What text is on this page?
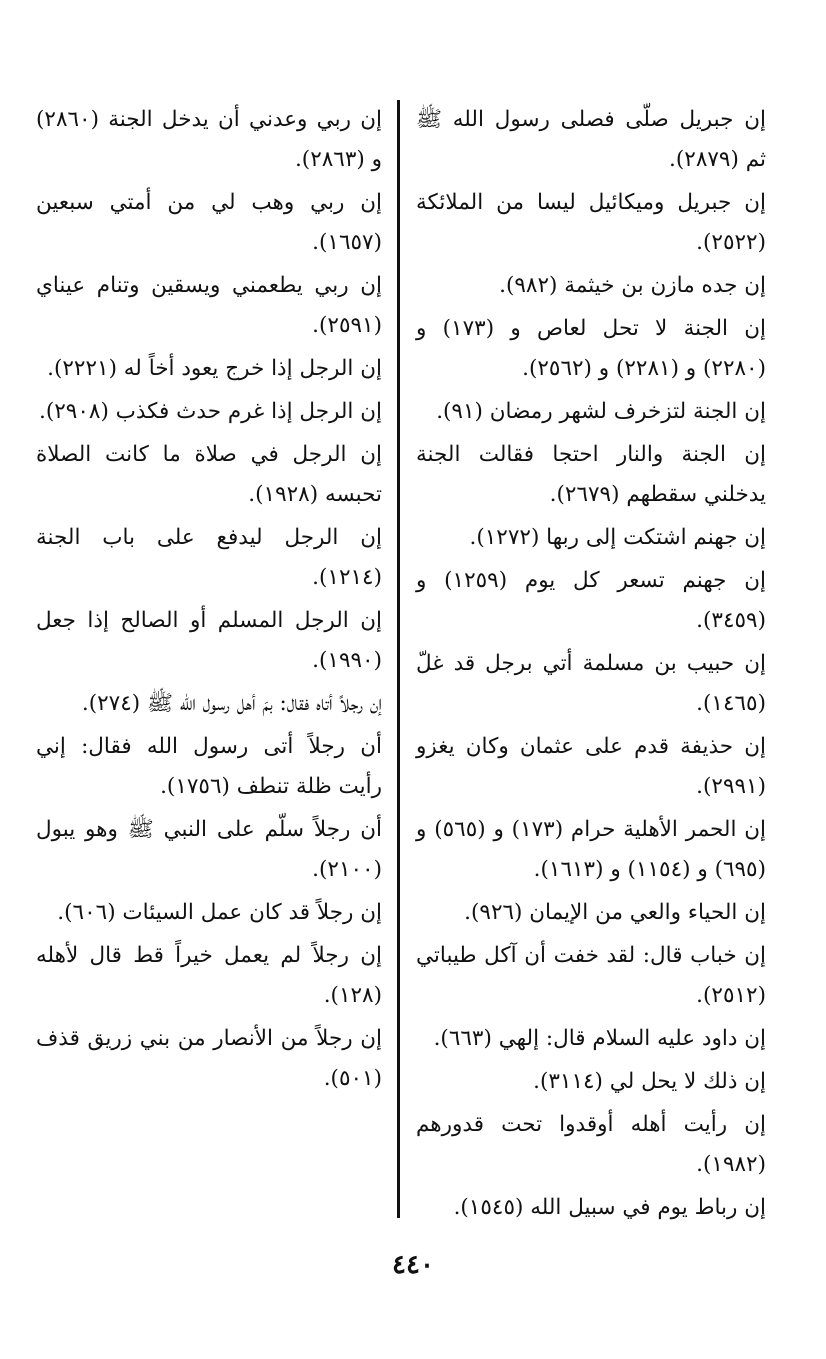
إن جبريل صلّى فصلى رسول الله ﷺ ثم (٢٨٧٩).

إن جبريل وميكائيل ليسا من الملائكة (٢٥٢٢).

إن جده مازن بن خيثمة (٩٨٢).

إن الجنة لا تحل لعاص و (١٧٣) و (٢٢٨٠) و (٢٢٨١) و (٢٥٦٢).

إن الجنة لتزخرف لشهر رمضان (٩١).

إن الجنة والنار احتجا فقالت الجنة يدخلني سقطهم (٢٦٧٩).

إن جهنم اشتكت إلى ربها (١٢٧٢).

إن جهنم تسعر كل يوم (١٢٥٩) و (٣٤٥٩).

إن حبيب بن مسلمة أتي برجل قد غلّ (١٤٦٥).

إن حذيفة قدم على عثمان وكان يغزو (٢٩٩١).

إن الحمر الأهلية حرام (١٧٣) و (٥٦٥) و (٦٩٥) و (١١٥٤) و (١٦١٣).

إن الحياء والعي من الإيمان (٩٢٦).

إن خباب قال: لقد خفت أن آكل طيباتي (٢٥١٢).

إن داود عليه السلام قال: إلهي (٦٦٣).

إن ذلك لا يحل لي (٣١١٤).

إن رأيت أهله أوقدوا تحت قدورهم (١٩٨٢).

إن رباط يوم في سبيل الله (١٥٤٥).

إن ربي وعدني أن يدخل الجنة (٢٨٦٠) و (٢٨٦٣).

إن ربي وهب لي من أمتي سبعين (١٦٥٧).

إن ربي يطعمني ويسقين وتنام عيناي (٢٥٩١).

إن الرجل إذا خرج يعود أخاً له (٢٢٢١).

إن الرجل إذا غرم حدث فكذب (٢٩٠٨).

إن الرجل في صلاة ما كانت الصلاة تحبسه (١٩٢٨).

إن الرجل ليدفع على باب الجنة (١٢١٤).

إن الرجل المسلم أو الصالح إذا جعل (١٩٩٠).

إن رجلاً أتاه فقال: بمَ أهل رسول الله ﷺ (٢٧٤).

أن رجلاً أتى رسول الله فقال: إني رأيت ظلة تنطف (١٧٥٦).

أن رجلاً سلّم على النبي ﷺ وهو يبول (٢١٠٠).

إن رجلاً قد كان عمل السيئات (٦٠٦).

إن رجلاً لم يعمل خيراً قط قال لأهله (١٢٨).

إن رجلاً من الأنصار من بني زريق قذف (٥٠١).

٤٤٠
